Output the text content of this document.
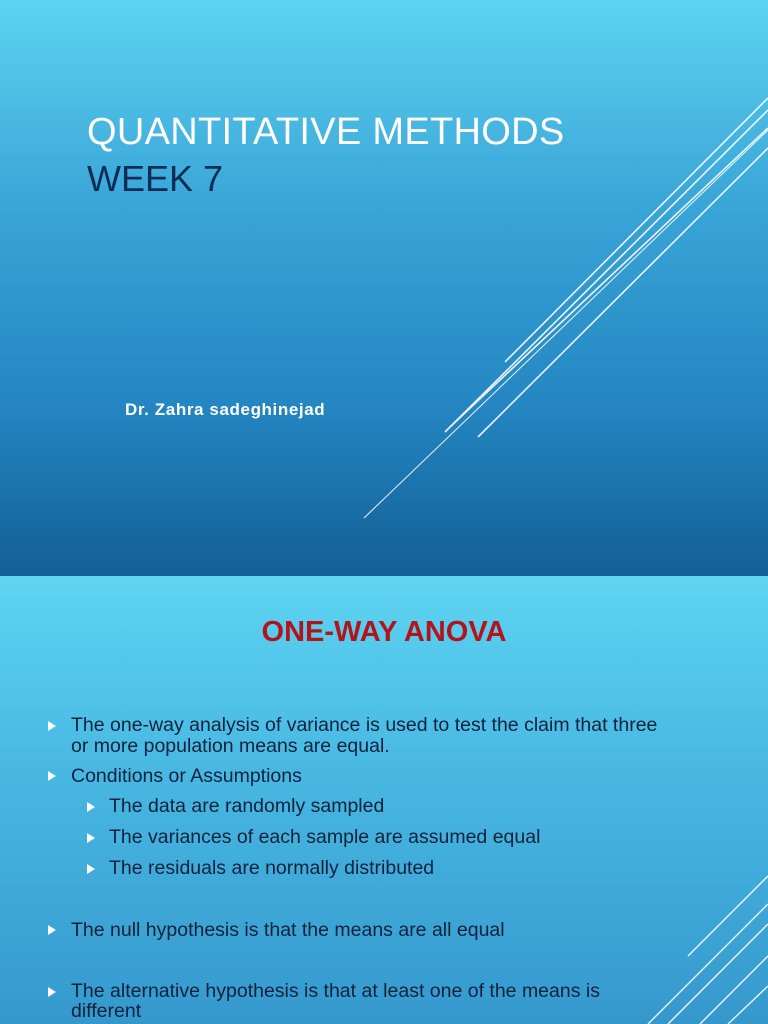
QUANTITATIVE METHODS
WEEK 7
Dr. Zahra sadeghinejad
ONE-WAY ANOVA
The one-way analysis of variance is used to test the claim that three
or more population means are equal.
Conditions or Assumptions
The data are randomly sampled
The variances of each sample are assumed equal
The residuals are normally distributed
The null hypothesis is that the means are all equal
The alternative hypothesis is that at least one of the means is
different
